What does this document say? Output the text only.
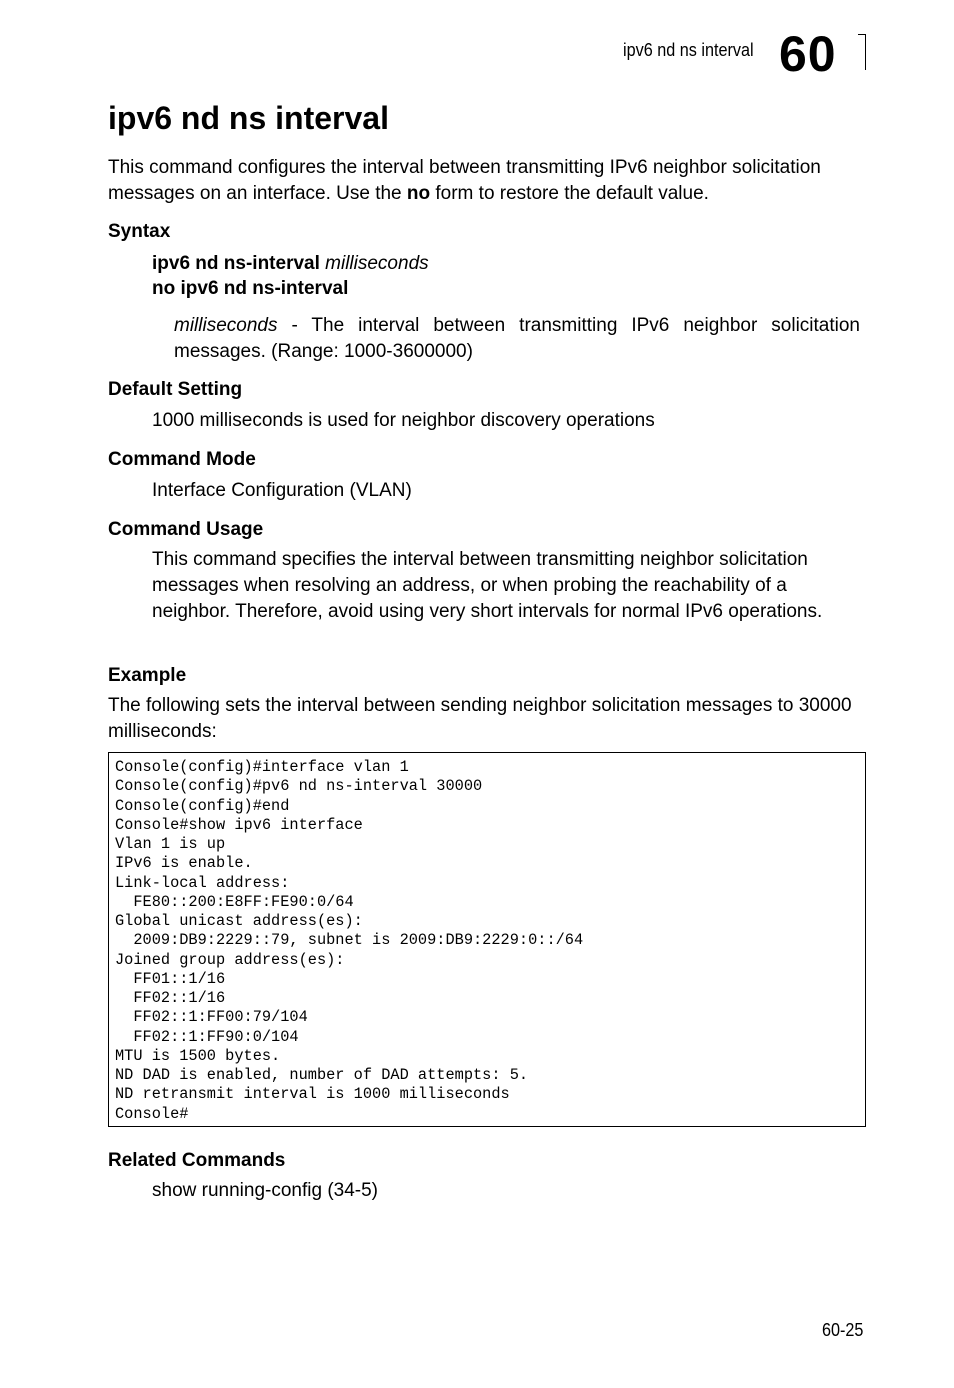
ipv6 nd ns interval 60
ipv6 nd ns interval
This command configures the interval between transmitting IPv6 neighbor solicitation messages on an interface. Use the no form to restore the default value.
Syntax
ipv6 nd ns-interval milliseconds
no ipv6 nd ns-interval
milliseconds - The interval between transmitting IPv6 neighbor solicitation messages. (Range: 1000-3600000)
Default Setting
1000 milliseconds is used for neighbor discovery operations
Command Mode
Interface Configuration (VLAN)
Command Usage
This command specifies the interval between transmitting neighbor solicitation messages when resolving an address, or when probing the reachability of a neighbor. Therefore, avoid using very short intervals for normal IPv6 operations.
Example
The following sets the interval between sending neighbor solicitation messages to 30000 milliseconds:
Console(config)#interface vlan 1
Console(config)#pv6 nd ns-interval 30000
Console(config)#end
Console#show ipv6 interface
Vlan 1 is up
IPv6 is enable.
Link-local address:
FE80::200:E8FF:FE90:0/64
Global unicast address(es):
2009:DB9:2229::79, subnet is 2009:DB9:2229:0::/64
Joined group address(es):
FF01::1/16
FF02::1/16
FF02::1:FF00:79/104
FF02::1:FF90:0/104
MTU is 1500 bytes.
ND DAD is enabled, number of DAD attempts: 5.
ND retransmit interval is 1000 milliseconds
Console#
Related Commands
show running-config (34-5)
60-25
